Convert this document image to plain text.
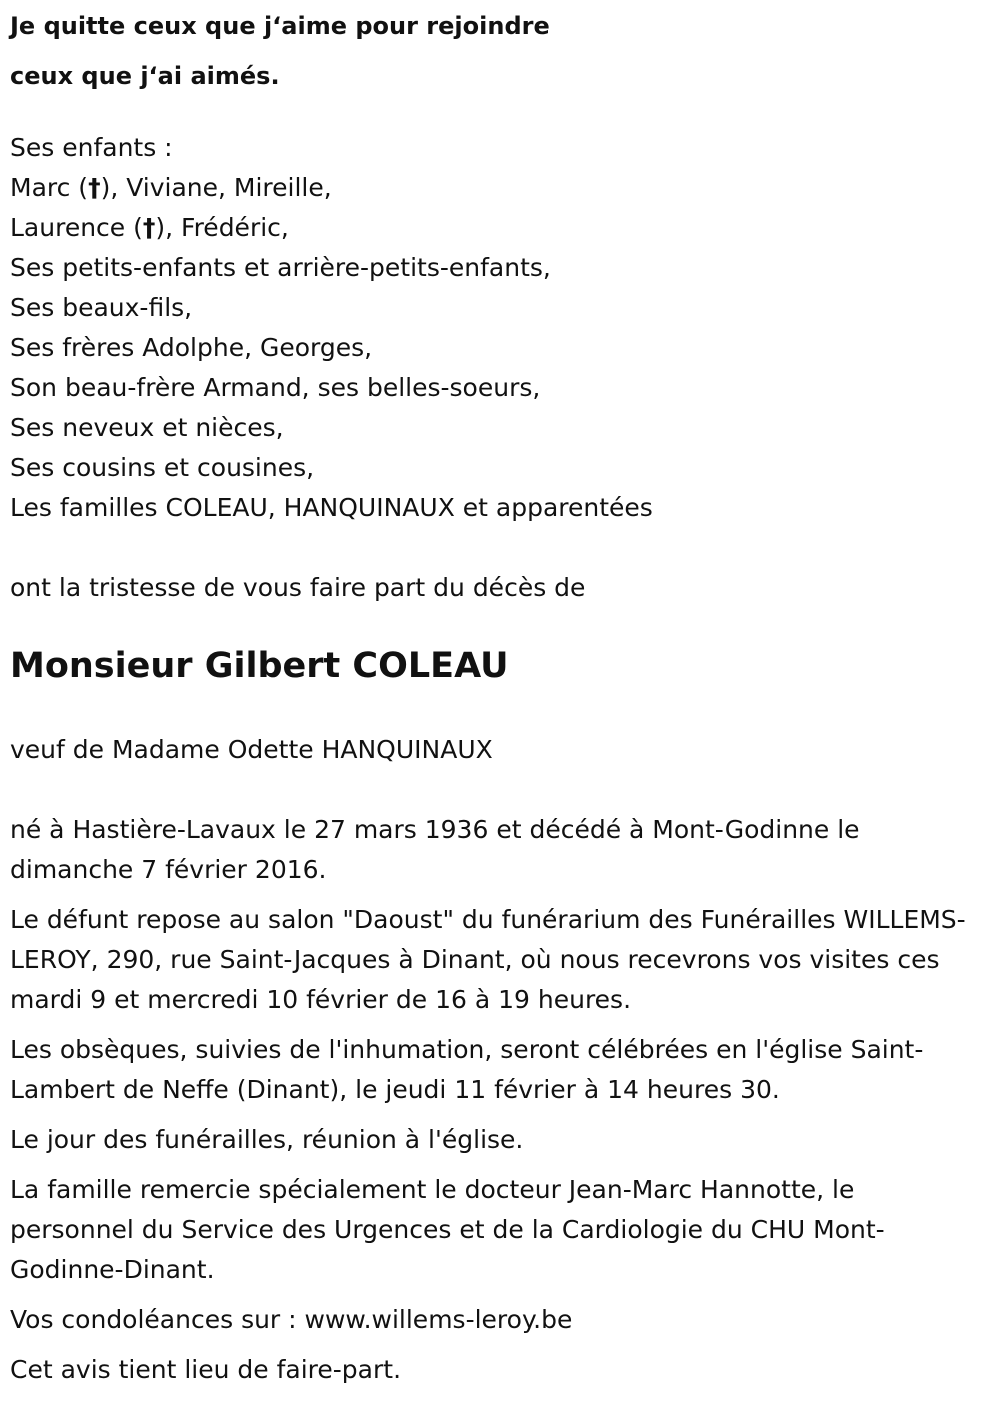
Je quitte ceux que j‘aime pour rejoindre
ceux que j‘ai aimés.
Ses enfants :
Marc (†), Viviane, Mireille,
Laurence (†), Frédéric,
Ses petits-enfants et arrière-petits-enfants,
Ses beaux-fils,
Ses frères Adolphe, Georges,
Son beau-frère Armand, ses belles-soeurs,
Ses neveux et nièces,
Ses cousins et cousines,
Les familles COLEAU, HANQUINAUX et apparentées
ont la tristesse de vous faire part du décès de
Monsieur Gilbert COLEAU
veuf de Madame Odette HANQUINAUX
né à Hastière-Lavaux le 27 mars 1936 et décédé à Mont-Godinne le dimanche 7 février 2016.
Le défunt repose au salon "Daoust" du funérarium des Funérailles WILLEMS-LEROY, 290, rue Saint-Jacques à Dinant, où nous recevrons vos visites ces mardi 9 et mercredi 10 février de 16 à 19 heures.
Les obsèques, suivies de l'inhumation, seront célébrées en l'église Saint-Lambert de Neffe (Dinant), le jeudi 11 février à 14 heures 30.
Le jour des funérailles, réunion à l'église.
La famille remercie spécialement le docteur Jean-Marc Hannotte, le personnel du Service des Urgences et de la Cardiologie du CHU Mont-Godinne-Dinant.
Vos condoléances sur : www.willems-leroy.be
Cet avis tient lieu de faire-part.
